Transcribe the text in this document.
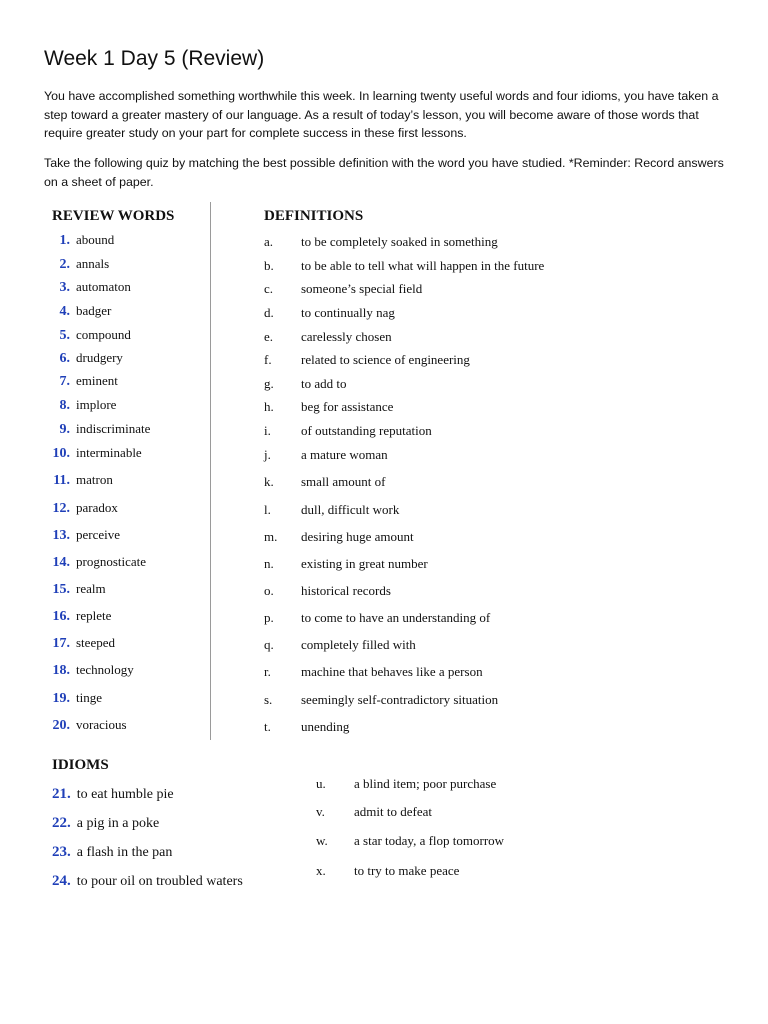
Week 1 Day 5 (Review)
You have accomplished something worthwhile this week. In learning twenty useful words and four idioms, you have taken a step toward a greater mastery of our language. As a result of today’s lesson, you will become aware of those words that require greater study on your part for complete success in these first lessons.
Take the following quiz by matching the best possible definition with the word you have studied. *Reminder: Record answers on a sheet of paper.
REVIEW WORDS	DEFINITIONS
1. abound
2. annals
3. automaton
4. badger
5. compound
6. drudgery
7. eminent
8. implore
9. indiscriminate
10. interminable
11. matron
12. paradox
13. perceive
14. prognosticate
15. realm
16. replete
17. steeped
18. technology
19. tinge
20. voracious
a.	to be completely soaked in something
b.	to be able to tell what will happen in the future
c.	someone’s special field
d.	to continually nag
e.	carelessly chosen
f.	related to science of engineering
g.	to add to
h.	beg for assistance
i.	of outstanding reputation
j.	a mature woman
k.	small amount of
l.	dull, difficult work
m.	desiring huge amount
n.	existing in great number
o.	historical records
p.	to come to have an understanding of
q.	completely filled with
r.	machine that behaves like a person
s.	seemingly self-contradictory situation
t.	unending
IDIOMS
21. to eat humble pie
22. a pig in a poke
23. a flash in the pan
24. to pour oil on troubled waters
u.	a blind item; poor purchase
v.	admit to defeat
w.	a star today, a flop tomorrow
x.	to try to make peace
